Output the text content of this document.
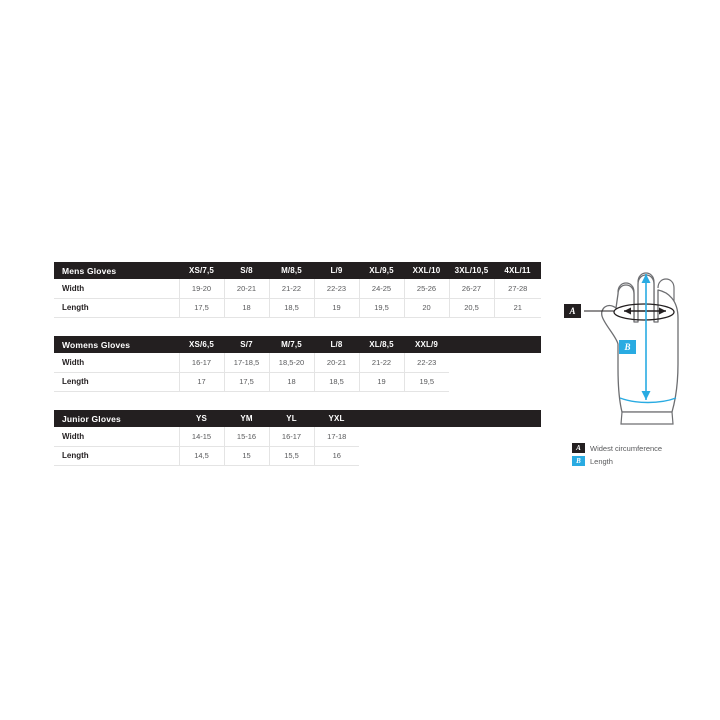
Mens Gloves	XS/7,5	S/8	M/8,5	L/9	XL/9,5	XXL/10	3XL/10,5	4XL/11
Width	19-20	20-21	21-22	22-23	24-25	25-26	26-27	27-28
Length	17,5	18	18,5	19	19,5	20	20,5	21
Womens Gloves	XS/6,5	S/7	M/7,5	L/8	XL/8,5	XXL/9	
Width	16-17	17-18,5	18,5-20	20-21	21-22	22-23	
Length	17	17,5	18	18,5	19	19,5	
Junior Gloves	YS	YM	YL	YXL	
Width	14-15	15-16	16-17	17-18	
Length	14,5	15	15,5	16	
A
B
A	Widest circumference
B	Length
